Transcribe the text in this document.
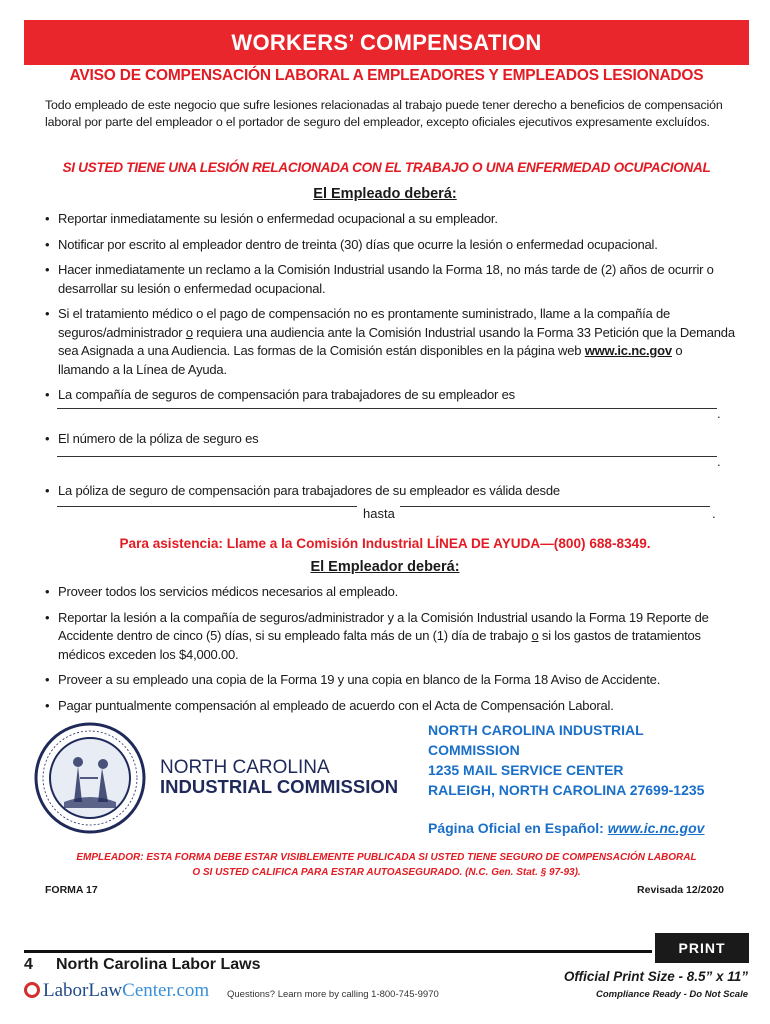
WORKERS’ COMPENSATION
AVISO DE COMPENSACIÓN LABORAL A EMPLEADORES Y EMPLEADOS LESIONADOS
Todo empleado de este negocio que sufre lesiones relacionadas al trabajo puede tener derecho a beneficios de compensación laboral por parte del empleador o el portador de seguro del empleador, excepto oficiales ejecutivos expresamente excluídos.
SI USTED TIENE UNA LESIÓN RELACIONADA CON EL TRABAJO O UNA ENFERMEDAD OCUPACIONAL
El Empleado deberá:
• Reportar inmediatamente su lesión o enfermedad ocupacional a su empleador.
• Notificar por escrito al empleador dentro de treinta (30) días que ocurre la lesión o enfermedad ocupacional.
• Hacer inmediatamente un reclamo a la Comisión Industrial usando la Forma 18, no más tarde de (2) años de ocurrir o desarrollar su lesión o enfermedad ocupacional.
• Si el tratamiento médico o el pago de compensación no es prontamente suministrado, llame a la compañía de seguros/administrador o requiera una audiencia ante la Comisión Industrial usando la Forma 33 Petición que la Demanda sea Asignada a una Audiencia. Las formas de la Comisión están disponibles en la página web www.ic.nc.gov o llamando a la Línea de Ayuda.
• La compañía de seguros de compensación para trabajadores de su empleador es
.
• El número de la póliza de seguro es
.
• La póliza de seguro de compensación para trabajadores de su empleador es válida desde
hasta	.
Para asistencia: Llame a la Comisión Industrial LÍNEA DE AYUDA—(800) 688-8349.
El Empleador deberá:
• Proveer todos los servicios médicos necesarios al empleado.
• Reportar la lesión a la compañía de seguros/administrador y a la Comisión Industrial usando la Forma 19 Reporte de Accidente dentro de cinco (5) días, si su empleado falta más de un (1) día de trabajo o si los gastos de tratamientos médicos exceden los $4,000.00.
• Proveer a su empleado una copia de la Forma 19 y una copia en blanco de la Forma 18 Aviso de Accidente.
• Pagar puntualmente compensación al empleado de acuerdo con el Acta de Compensación Laboral.
NORTH CAROLINA
INDUSTRIAL COMMISSION
NORTH CAROLINA INDUSTRIAL
COMMISSION
1235 MAIL SERVICE CENTER
RALEIGH, NORTH CAROLINA 27699-1235
Página Oficial en Español: www.ic.nc.gov
EMPLEADOR: ESTA FORMA DEBE ESTAR VISIBLEMENTE PUBLICADA SI USTED TIENE SEGURO DE COMPENSACIÓN LABORAL
O SI USTED CALIFICA PARA ESTAR AUTOASEGURADO. (N.C. Gen. Stat. § 97-93).
FORMA 17	Revisada 12/2020
PRINT
4 North Carolina Labor Laws
LaborLawCenter.com Questions? Learn more by calling 1-800-745-9970
Official Print Size - 8.5” x 11”
Compliance Ready - Do Not Scale
